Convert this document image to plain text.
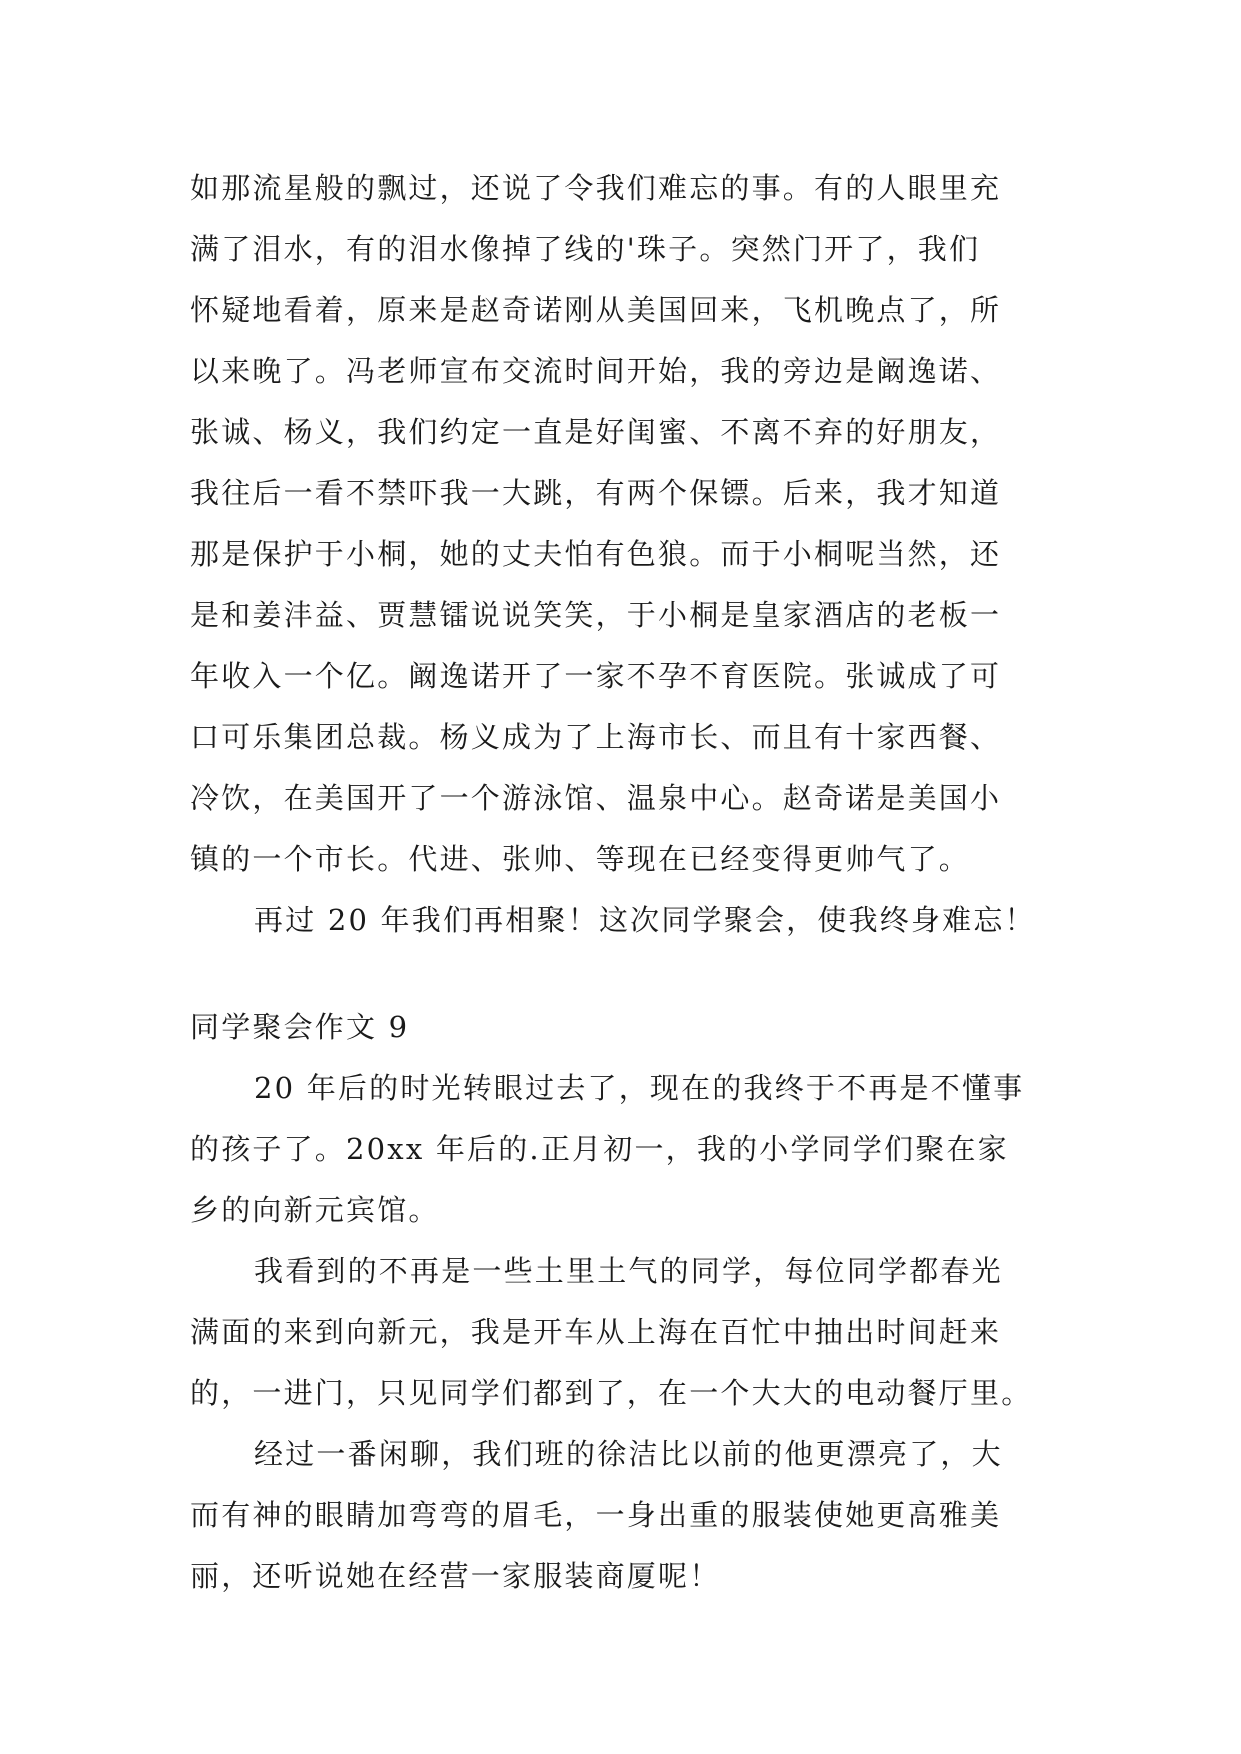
如那流星般的飘过，还说了令我们难忘的事。有的人眼里充
满了泪水，有的泪水像掉了线的'珠子。突然门开了，我们
怀疑地看着，原来是赵奇诺刚从美国回来，飞机晚点了，所
以来晚了。冯老师宣布交流时间开始，我的旁边是阚逸诺、
张诚、杨义，我们约定一直是好闺蜜、不离不弃的好朋友，
我往后一看不禁吓我一大跳，有两个保镖。后来，我才知道
那是保护于小桐，她的丈夫怕有色狼。而于小桐呢当然，还
是和姜沣益、贾慧镭说说笑笑，于小桐是皇家酒店的老板一
年收入一个亿。阚逸诺开了一家不孕不育医院。张诚成了可
口可乐集团总裁。杨义成为了上海市长、而且有十家西餐、
冷饮，在美国开了一个游泳馆、温泉中心。赵奇诺是美国小
镇的一个市长。代进、张帅、等现在已经变得更帅气了。
再过 20 年我们再相聚！这次同学聚会，使我终身难忘！
同学聚会作文 9
20 年后的时光转眼过去了，现在的我终于不再是不懂事
的孩子了。20xx 年后的.正月初一，我的小学同学们聚在家
乡的向新元宾馆。
我看到的不再是一些土里土气的同学，每位同学都春光
满面的来到向新元，我是开车从上海在百忙中抽出时间赶来
的，一进门，只见同学们都到了，在一个大大的电动餐厅里。
经过一番闲聊，我们班的徐洁比以前的他更漂亮了，大
而有神的眼睛加弯弯的眉毛，一身出重的服装使她更高雅美
丽，还听说她在经营一家服装商厦呢！
